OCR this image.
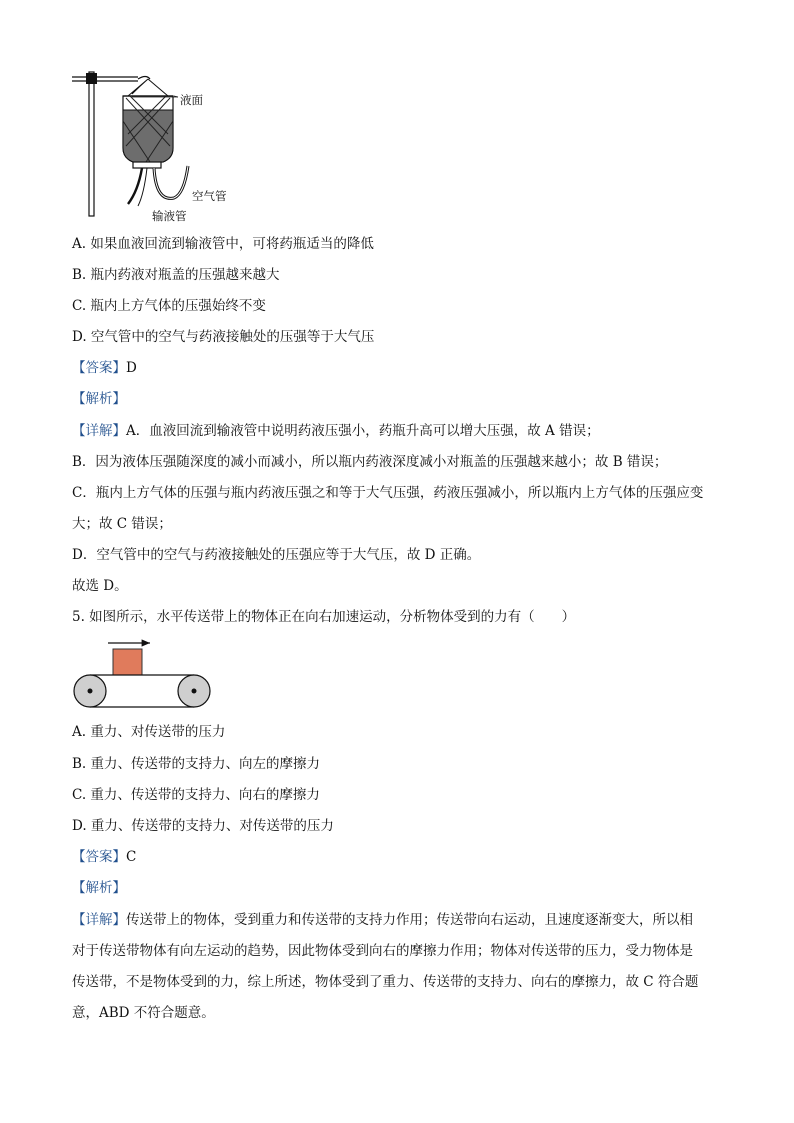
液面
空气管
输液管
A. 如果血液回流到输液管中，可将药瓶适当的降低
B. 瓶内药液对瓶盖的压强越来越大
C. 瓶内上方气体的压强始终不变
D. 空气管中的空气与药液接触处的压强等于大气压
【答案】D
【解析】
【详解】A．血液回流到输液管中说明药液压强小，药瓶升高可以增大压强，故 A 错误；
B．因为液体压强随深度的减小而减小，所以瓶内药液深度减小对瓶盖的压强越来越小；故 B 错误；
C．瓶内上方气体的压强与瓶内药液压强之和等于大气压强，药液压强减小，所以瓶内上方气体的压强应变
大；故 C 错误；
D．空气管中的空气与药液接触处的压强应等于大气压，故 D 正确。
故选 D。
5. 如图所示，水平传送带上的物体正在向右加速运动，分析物体受到的力有（　　）
A. 重力、对传送带的压力
B. 重力、传送带的支持力、向左的摩擦力
C. 重力、传送带的支持力、向右的摩擦力
D. 重力、传送带的支持力、对传送带的压力
【答案】C
【解析】
【详解】传送带上的物体，受到重力和传送带的支持力作用；传送带向右运动，且速度逐渐变大，所以相
对于传送带物体有向左运动的趋势，因此物体受到向右的摩擦力作用；物体对传送带的压力，受力物体是
传送带，不是物体受到的力，综上所述，物体受到了重力、传送带的支持力、向右的摩擦力，故 C 符合题
意，ABD 不符合题意。
